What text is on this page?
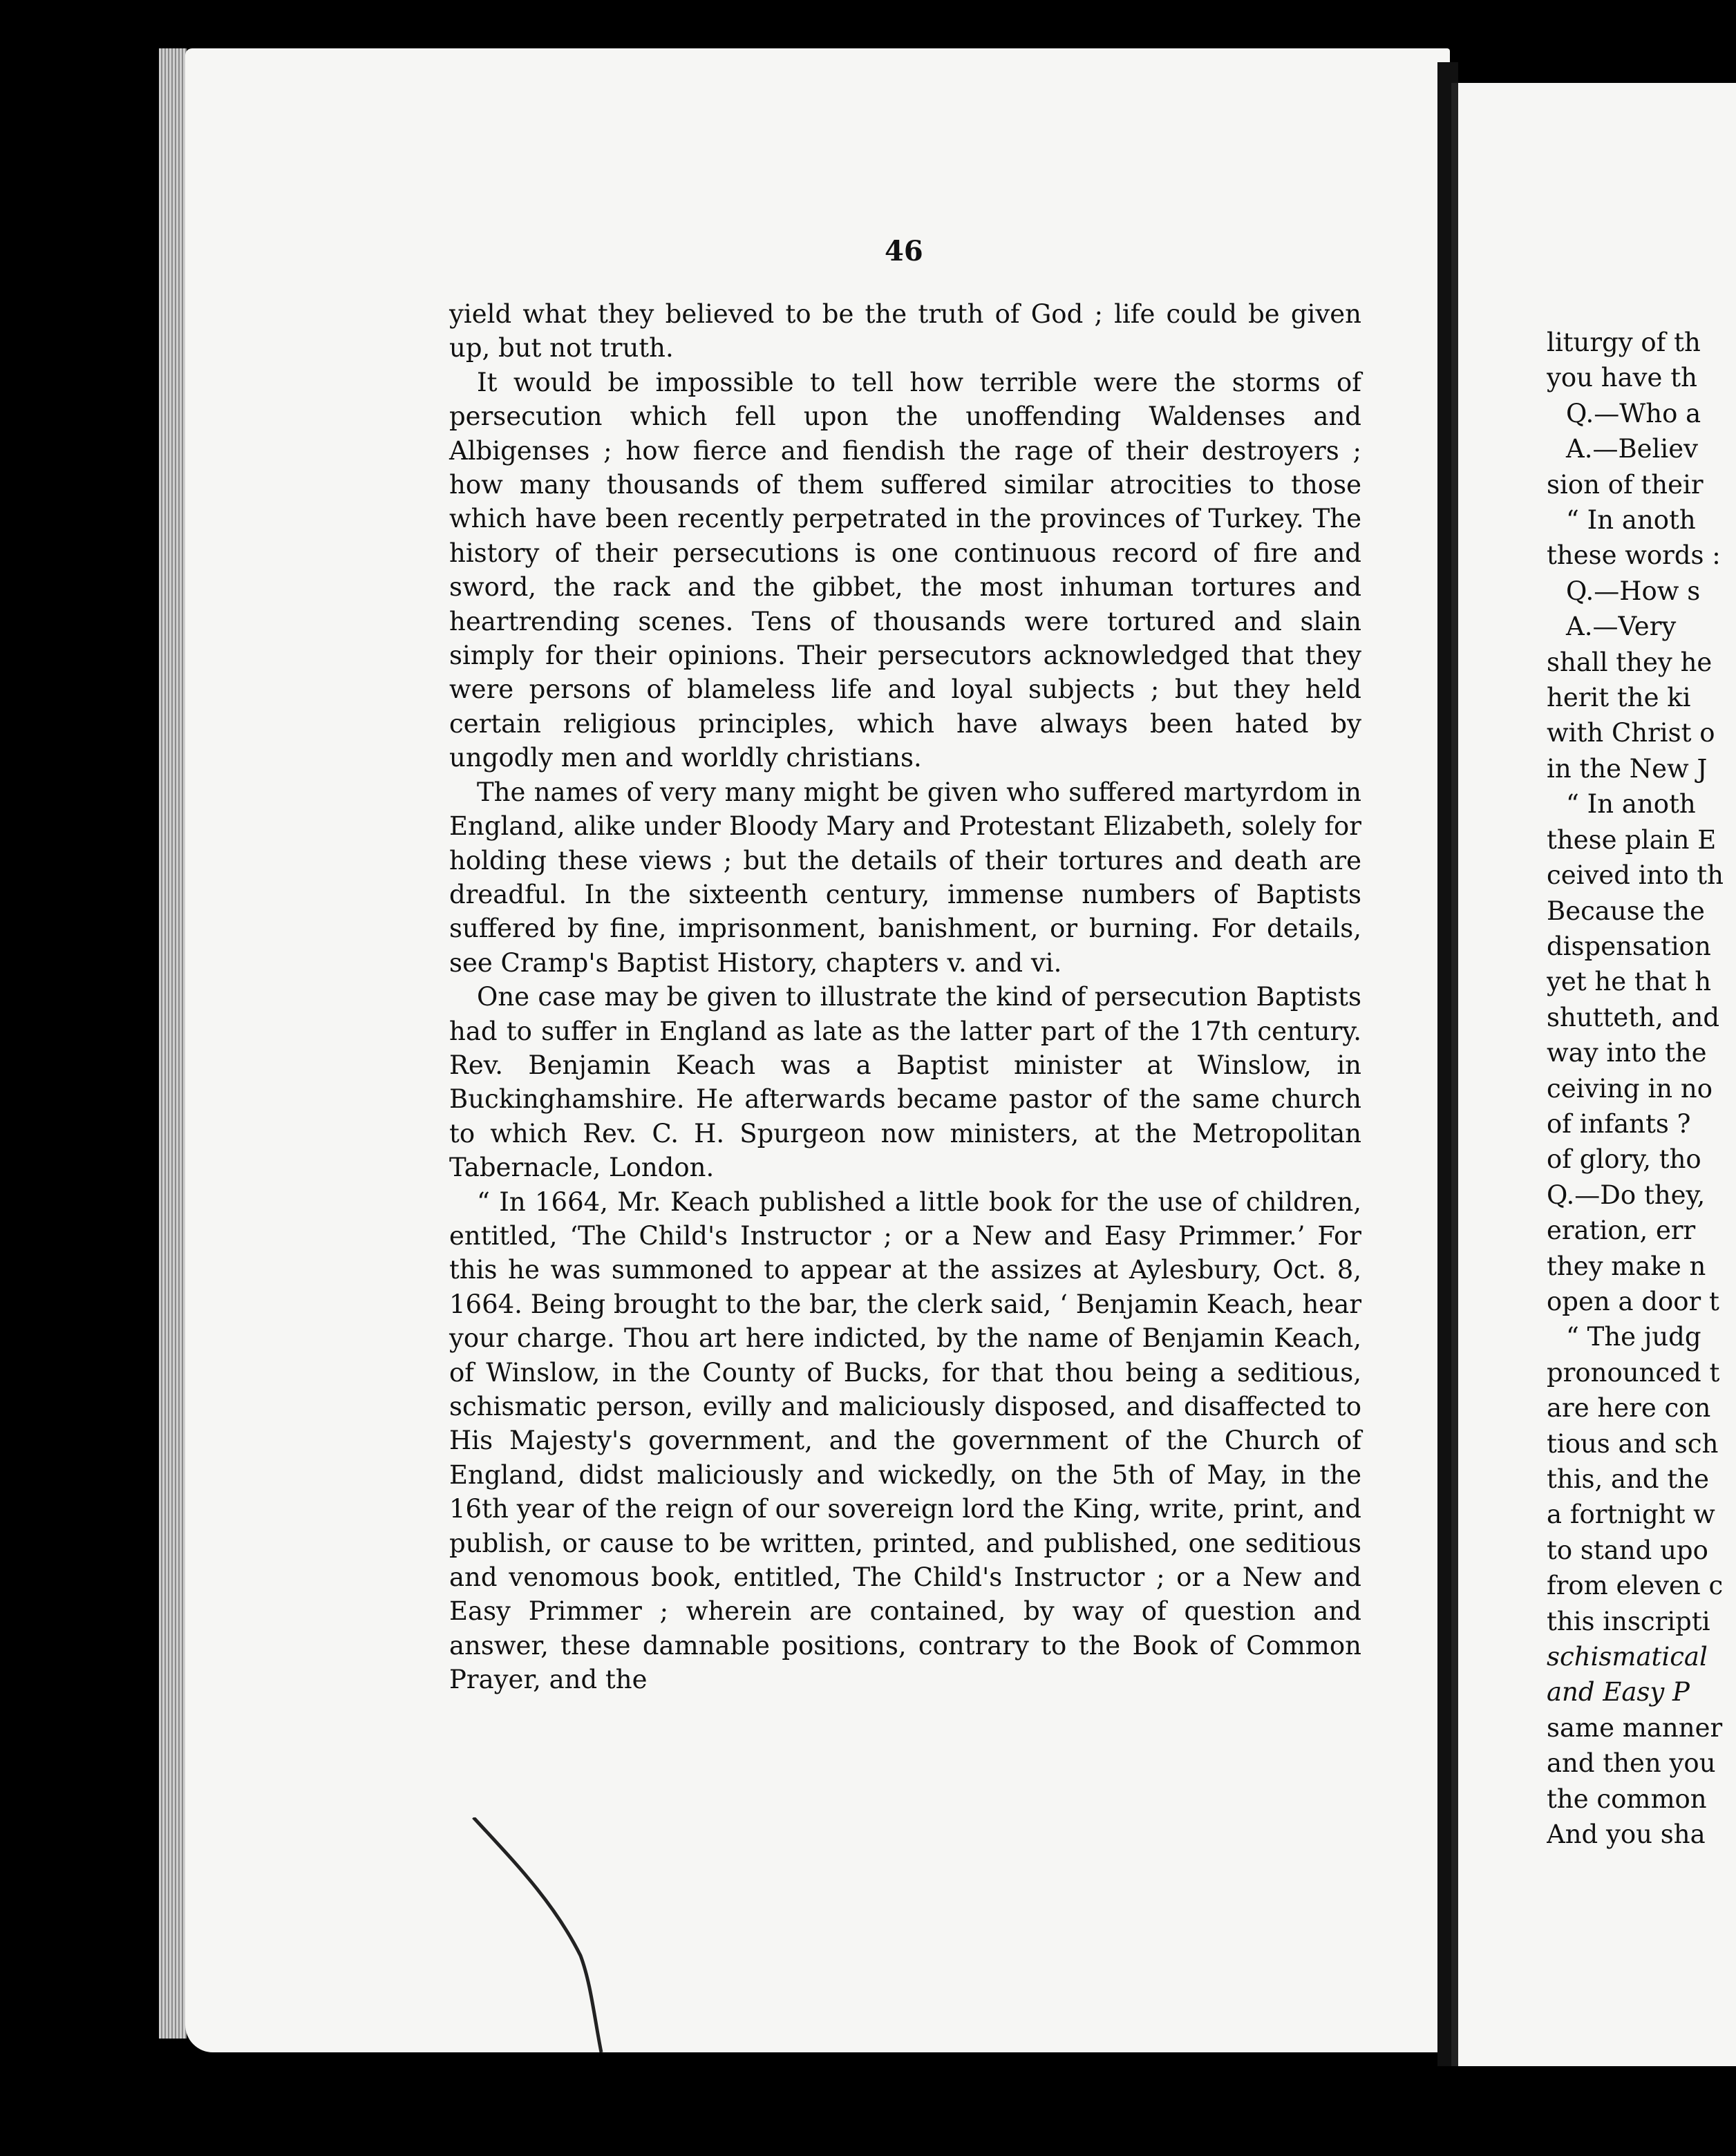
46

yield what they believed to be the truth of God ; life could be given up, but not truth.

It would be impossible to tell how terrible were the storms of persecution which fell upon the unoffending Waldenses and Albigenses ; how fierce and fiendish the rage of their destroyers ; how many thousands of them suffered similar atrocities to those which have been recently perpetrated in the provinces of Turkey. The history of their persecutions is one continuous record of fire and sword, the rack and the gibbet, the most inhuman tortures and heartrending scenes. Tens of thousands were tortured and slain simply for their opinions. Their persecutors acknowledged that they were persons of blameless life and loyal subjects ; but they held certain religious principles, which have always been hated by ungodly men and worldly christians.

The names of very many might be given who suffered martyrdom in England, alike under Bloody Mary and Protestant Elizabeth, solely for holding these views ; but the details of their tortures and death are dreadful. In the sixteenth century, immense numbers of Baptists suffered by fine, imprisonment, banishment, or burning. For details, see Cramp's Baptist History, chapters v. and vi.

One case may be given to illustrate the kind of persecution Baptists had to suffer in England as late as the latter part of the 17th century. Rev. Benjamin Keach was a Baptist minister at Winslow, in Buckinghamshire. He afterwards became pastor of the same church to which Rev. C. H. Spurgeon now ministers, at the Metropolitan Tabernacle, London.

“ In 1664, Mr. Keach published a little book for the use of children, entitled, ‘The Child's Instructor ; or a New and Easy Primmer.’ For this he was summoned to appear at the assizes at Aylesbury, Oct. 8, 1664. Being brought to the bar, the clerk said, ‘ Benjamin Keach, hear your charge. Thou art here indicted, by the name of Benjamin Keach, of Winslow, in the County of Bucks, for that thou being a seditious, schismatic person, evilly and maliciously disposed, and disaffected to His Majesty's government, and the government of the Church of England, didst maliciously and wickedly, on the 5th of May, in the 16th year of the reign of our sovereign lord the King, write, print, and publish, or cause to be written, printed, and published, one seditious and venomous book, entitled, The Child's Instructor ; or a New and Easy Primmer ; wherein are contained, by way of question and answer, these damnable positions, contrary to the Book of Common Prayer, and the

liturgy of th
you have th
Q.—Who a
A.—Believ
sion of their
“ In anoth
these words :
Q.—How s
A.—Very
shall they he
herit the ki
with Christ o
in the New J
“ In anoth
these plain E
ceived into th
Because the
dispensation
yet he that h
shutteth, and
way into the
ceiving in no
of infants ?
of glory, tho
Q.—Do they,
eration, err
they make n
open a door t
“ The judg
pronounced t
are here con
tious and sch
this, and the
a fortnight w
to stand upo
from eleven c
this inscripti
schismatical
and Easy P
same manner
and then you
the common
And you sha
